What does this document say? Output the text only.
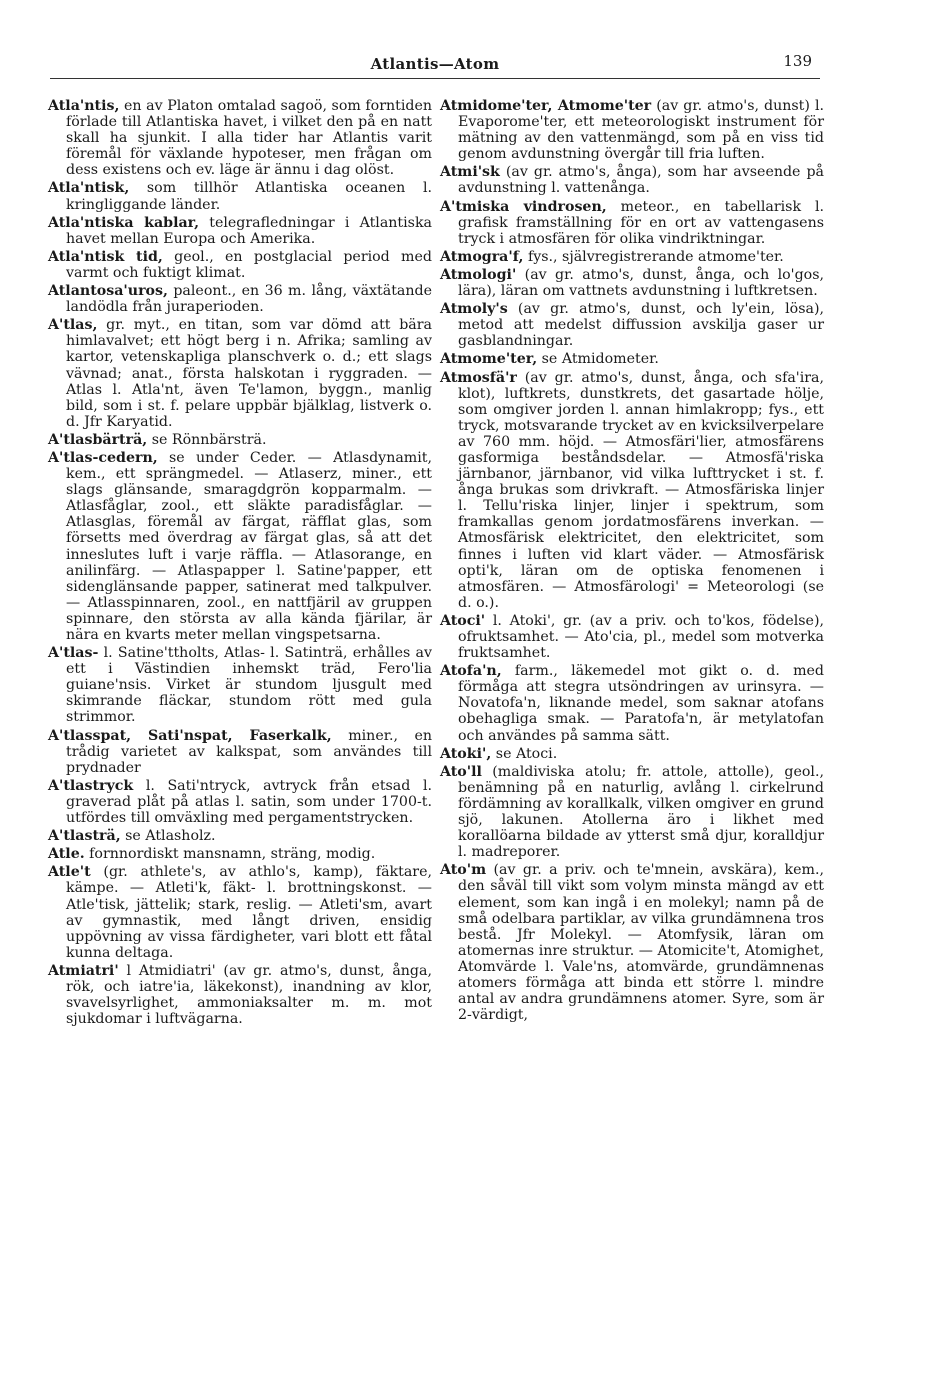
Atlantis—Atom	139

Atla'ntis, en av Platon omtalad sagoö, som forntiden förlade till Atlantiska havet, i vilket den på en natt skall ha sjunkit. I alla tider har Atlantis varit föremål för växlande hypoteser, men frågan om dess existens och ev. läge är ännu i dag olöst.

Atla'ntisk, som tillhör Atlantiska oceanen l. kringliggande länder.

Atla'ntiska kablar, telegrafledningar i Atlantiska havet mellan Europa och Amerika.

Atla'ntisk tid, geol., en postglacial period med varmt och fuktigt klimat.

Atlantosa'uros, paleont., en 36 m. lång, växtätande landödla från juraperioden.

A'tlas, gr. myt., en titan, som var dömd att bära himlavalvet; ett högt berg i n. Afrika; samling av kartor, vetenskapliga planschverk o. d.; ett slags vävnad; anat., första halskotan i ryggraden. — Atlas l. Atla'nt, även Te'lamon, byggn., manlig bild, som i st. f. pelare uppbär bjälklag, listverk o. d. Jfr Karyatid.

A'tlasbärträ, se Rönnbärsträ.

A'tlas-cedern, se under Ceder. — Atlasdynamit, kem., ett sprängmedel. — Atlaserz, miner., ett slags glänsande, smaragdgrön kopparmalm. — Atlasfåglar, zool., ett släkte paradisfåglar. — Atlasglas, föremål av färgat, räfflat glas, som försetts med överdrag av färgat glas, så att det inneslutes luft i varje räffla. — Atlasorange, en anilinfärg. — Atlaspapper l. Satine'papper, ett sidenglänsande papper, satinerat med talkpulver. — Atlasspinnaren, zool., en nattfjäril av gruppen spinnare, den största av alla kända fjärilar, är nära en kvarts meter mellan vingspetsarna.

A'tlas- l. Satine'ttholts, Atlas- l. Satinträ, erhålles av ett i Västindien inhemskt träd, Fero'lia guiane'nsis. Virket är stundom ljusgult med skimrande fläckar, stundom rött med gula strimmor.

A'tlasspat, Sati'nspat, Faserkalk, miner., en trådig varietet av kalkspat, som användes till prydnader

A'tlastryck l. Sati'ntryck, avtryck från etsad l. graverad plåt på atlas l. satin, som under 1700-t. utfördes till omväxling med pergamentstrycken.

A'tlasträ, se Atlasholz.

Atle. fornnordiskt mansnamn, sträng, modig.

Atle't (gr. athlete's, av athlo's, kamp), fäktare, kämpe. — Atleti'k, fäkt- l. brottningskonst. — Atle'tisk, jättelik; stark, reslig. — Atleti'sm, avart av gymnastik, med långt driven, ensidig uppövning av vissa färdigheter, vari blott ett fåtal kunna deltaga.

Atmiatri' l Atmidiatri' (av gr. atmo's, dunst, ånga, rök, och iatre'ia, läkekonst), inandning av klor, svavelsyrlighet, ammoniaksalter m. m. mot sjukdomar i luftvägarna.

Atmidome'ter, Atmome'ter (av gr. atmo's, dunst) l. Evaporome'ter, ett meteorologiskt instrument för mätning av den vattenmängd, som på en viss tid genom avdunstning övergår till fria luften.

Atmi'sk (av gr. atmo's, ånga), som har avseende på avdunstning l. vattenånga.

A'tmiska vindrosen, meteor., en tabellarisk l. grafisk framställning för en ort av vattengasens tryck i atmosfären för olika vindriktningar.

Atmogra'f, fys., självregistrerande atmome'ter.

Atmologi' (av gr. atmo's, dunst, ånga, och lo'gos, lära), läran om vattnets avdunstning i luftkretsen.

Atmoly's (av gr. atmo's, dunst, och ly'ein, lösa), metod att medelst diffussion avskilja gaser ur gasblandningar.

Atmome'ter, se Atmidometer.

Atmosfä'r (av gr. atmo's, dunst, ånga, och sfa'ira, klot), luftkrets, dunstkrets, det gasartade hölje, som omgiver jorden l. annan himlakropp; fys., ett tryck, motsvarande trycket av en kvicksilverpelare av 760 mm. höjd. — Atmosfäri'lier, atmosfärens gasformiga beståndsdelar. — Atmosfä'riska järnbanor, järnbanor, vid vilka lufttrycket i st. f. ånga brukas som drivkraft. — Atmosfäriska linjer l. Tellu'riska linjer, linjer i spektrum, som framkallas genom jordatmosfärens inverkan. — Atmosfärisk elektricitet, den elektricitet, som finnes i luften vid klart väder. — Atmosfärisk opti'k, läran om de optiska fenomenen i atmosfären. — Atmosfärologi' = Meteorologi (se d. o.).

Atoci' l. Atoki', gr. (av a priv. och to'kos, födelse), ofruktsamhet. — Ato'cia, pl., medel som motverka fruktsamhet.

Atofa'n, farm., läkemedel mot gikt o. d. med förmåga att stegra utsöndringen av urinsyra. — Novatofa'n, liknande medel, som saknar atofans obehagliga smak. — Paratofa'n, är metylatofan och användes på samma sätt.

Atoki', se Atoci.

Ato'll (maldiviska atolu; fr. attole, attolle), geol., benämning på en naturlig, avlång l. cirkelrund fördämning av korallkalk, vilken omgiver en grund sjö, lakunen. Atollerna äro i likhet med korallöarna bildade av ytterst små djur, koralldjur l. madreporer.

Ato'm (av gr. a priv. och te'mnein, avskära), kem., den såväl till vikt som volym minsta mängd av ett element, som kan ingå i en molekyl; namn på de små odelbara partiklar, av vilka grundämnena tros bestå. Jfr Molekyl. — Atomfysik, läran om atomernas inre struktur. — Atomicite't, Atomighet, Atomvärde l. Vale'ns, atomvärde, grundämnenas atomers förmåga att binda ett större l. mindre antal av andra grundämnens atomer. Syre, som är 2-värdigt,
